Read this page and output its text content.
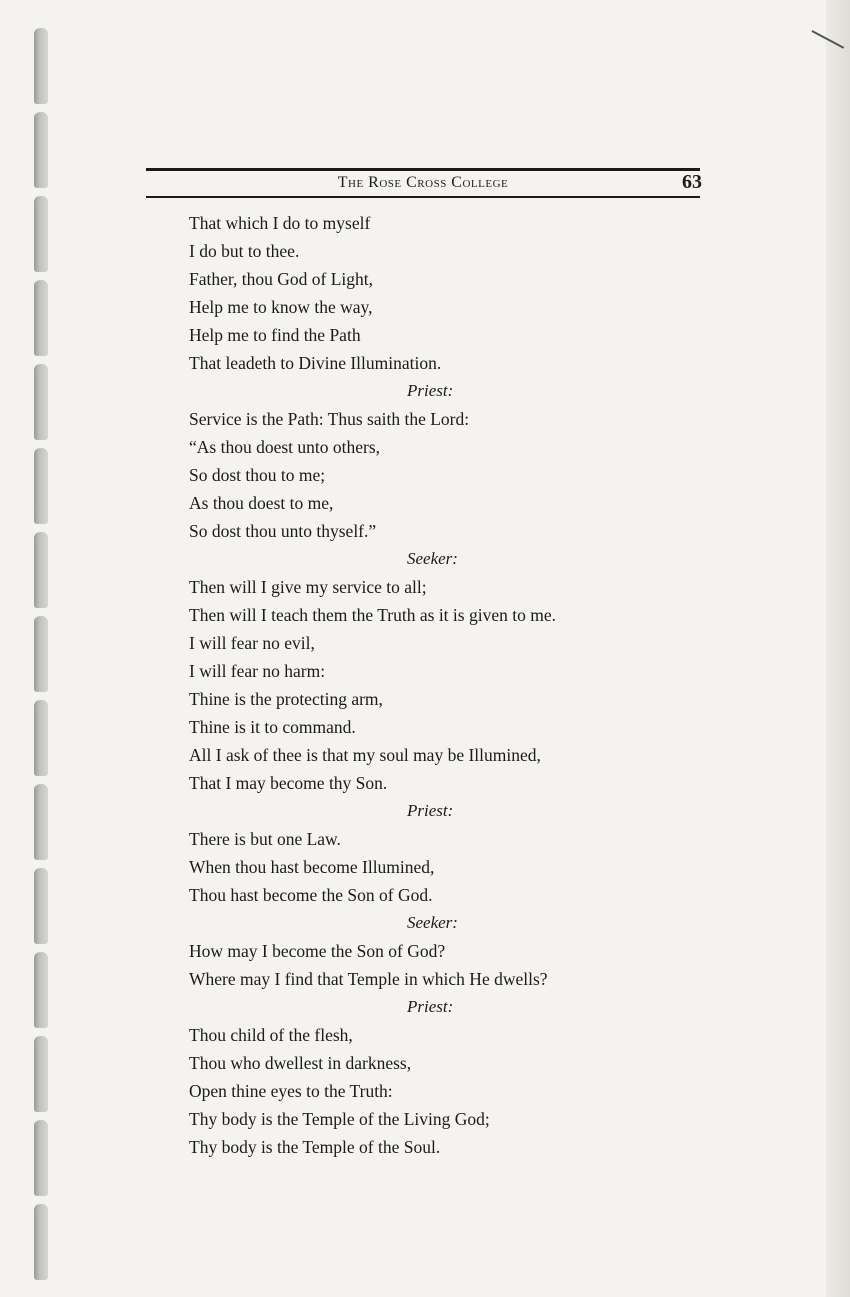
The Rose Cross College	63
That which I do to myself
I do but to thee.
Father, thou God of Light,
Help me to know the way,
Help me to find the Path
That leadeth to Divine Illumination.
Priest:
Service is the Path: Thus saith the Lord:
“As thou doest unto others,
So dost thou to me;
As thou doest to me,
So dost thou unto thyself.”
Seeker:
Then will I give my service to all;
Then will I teach them the Truth as it is given to me.
I will fear no evil,
I will fear no harm:
Thine is the protecting arm,
Thine is it to command.
All I ask of thee is that my soul may be Illumined,
That I may become thy Son.
Priest:
There is but one Law.
When thou hast become Illumined,
Thou hast become the Son of God.
Seeker:
How may I become the Son of God?
Where may I find that Temple in which He dwells?
Priest:
Thou child of the flesh,
Thou who dwellest in darkness,
Open thine eyes to the Truth:
Thy body is the Temple of the Living God;
Thy body is the Temple of the Soul.
